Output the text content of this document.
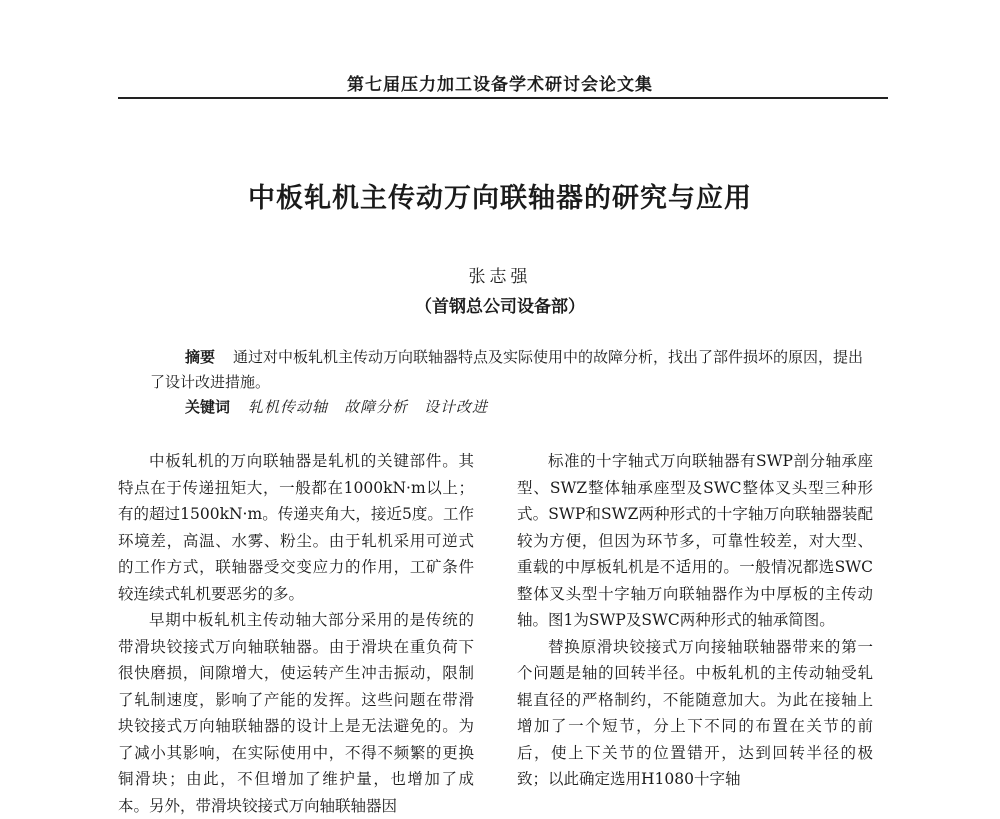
第七届压力加工设备学术研讨会论文集
中板轧机主传动万向联轴器的研究与应用
张志强
（首钢总公司设备部）
摘要 通过对中板轧机主传动万向联轴器特点及实际使用中的故障分析，找出了部件损坏的原因，提出
了设计改进措施。
关键词 轧机传动轴　故障分析　设计改进

中板轧机的万向联轴器是轧机的关键部件。其特点在于传递扭矩大，一般都在1000kN·m以上；有的超过1500kN·m。传递夹角大，接近5度。工作环境差，高温、水雾、粉尘。由于轧机采用可逆式的工作方式，联轴器受交变应力的作用，工矿条件较连续式轧机要恶劣的多。

早期中板轧机主传动轴大部分采用的是传统的带滑块铰接式万向轴联轴器。由于滑块在重负荷下很快磨损，间隙增大，使运转产生冲击振动，限制了轧制速度，影响了产能的发挥。这些问题在带滑块铰接式万向轴联轴器的设计上是无法避免的。为了减小其影响，在实际使用中，不得不频繁的更换铜滑块；由此，不但增加了维护量，也增加了成本。另外，带滑块铰接式万向轴联轴器因

标准的十字轴式万向联轴器有SWP剖分轴承座型、SWZ整体轴承座型及SWC整体叉头型三种形式。SWP和SWZ两种形式的十字轴万向联轴器装配较为方便，但因为环节多，可靠性较差，对大型、重载的中厚板轧机是不适用的。一般情况都选SWC整体叉头型十字轴万向联轴器作为中厚板的主传动轴。图1为SWP及SWC两种形式的轴承简图。

替换原滑块铰接式万向接轴联轴器带来的第一个问题是轴的回转半径。中板轧机的主传动轴受轧辊直径的严格制约，不能随意加大。为此在接轴上增加了一个短节，分上下不同的布置在关节的前后，使上下关节的位置错开，达到回转半径的极致；以此确定选用H1080十字轴
